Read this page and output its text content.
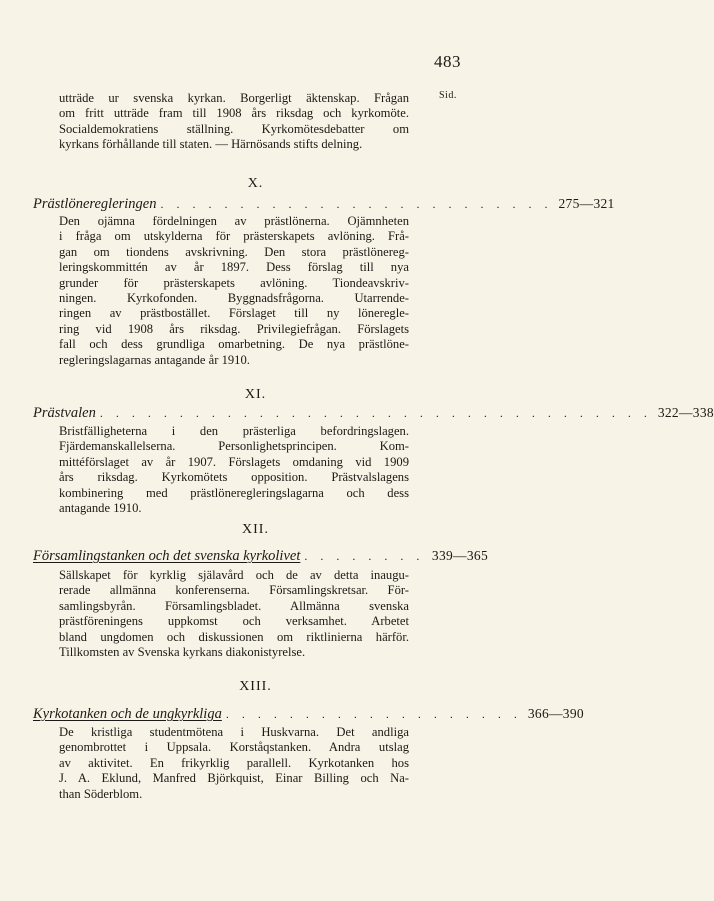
483
Sid.
utträde ur svenska kyrkan. Borgerligt äktenskap. Frågan
om fritt utträde fram till 1908 års riksdag och kyrkomöte.
Socialdemokratiens ställning. Kyrkomötesdebatter om
kyrkans förhållande till staten. — Härnösands stifts delning.
X.
Prästlöneregleringen . . . . . . . . . . . . . . . . . . . . . . . . . 275—321
Den ojämna fördelningen av prästlönerna. Ojämnheten
i fråga om utskylderna för prästerskapets avlöning. Frå-
gan om tiondens avskrivning. Den stora prästlönereg-
leringskommittén av år 1897. Dess förslag till nya
grunder för prästerskapets avlöning. Tiondeavskriv-
ningen. Kyrkofonden. Byggnadsfrågorna. Utarrende-
ringen av prästbostället. Förslaget till ny lönereglе-
ring vid 1908 års riksdag. Privilegiefrågan. Förslagets
fall och dess grundliga omarbetning. De nya prästlöne-
regleringslagarnas antagande år 1910.
XI.
Prästvalen . . . . . . . . . . . . . . . . . . . . . . . . . . . . . . . . . . . 322—338
Bristfälligheterna i den prästerliga befordringslagen.
Fjärdemanskallelserna. Personlighetsprincipen. Kom-
mittéförslaget av år 1907. Förslagets omdaning vid 1909
års riksdag. Kyrkomötets opposition. Prästvalslagens
kombinering med prästlöneregleringslagarna och dess
antagande 1910.
XII.
Församlingstanken och det svenska kyrkolivet . . . . . . . . 339—365
Sällskapet för kyrklig själavård och de av detta inaugu-
rerade allmänna konferenserna. Församlingskretsar. För-
samlingsbyrån. Församlingsbladet. Allmänna svenska
prästföreningens uppkomst och verksamhet. Arbetet
bland ungdomen och diskussionen om riktlinierna härför.
Tillkomsten av Svenska kyrkans diakonistyrelse.
XIII.
Kyrkotanken och de ungkyrkliga . . . . . . . . . . . . . . . . . . . 366—390
De kristliga studentmötena i Huskvarna. Det andliga
genombrottet i Uppsala. Korståqstanken. Andra utslag
av aktivitet. En frikyrklig parallell. Kyrkotanken hos
J. A. Eklund, Manfred Björkquist, Einar Billing och Na-
than Söderblom.
